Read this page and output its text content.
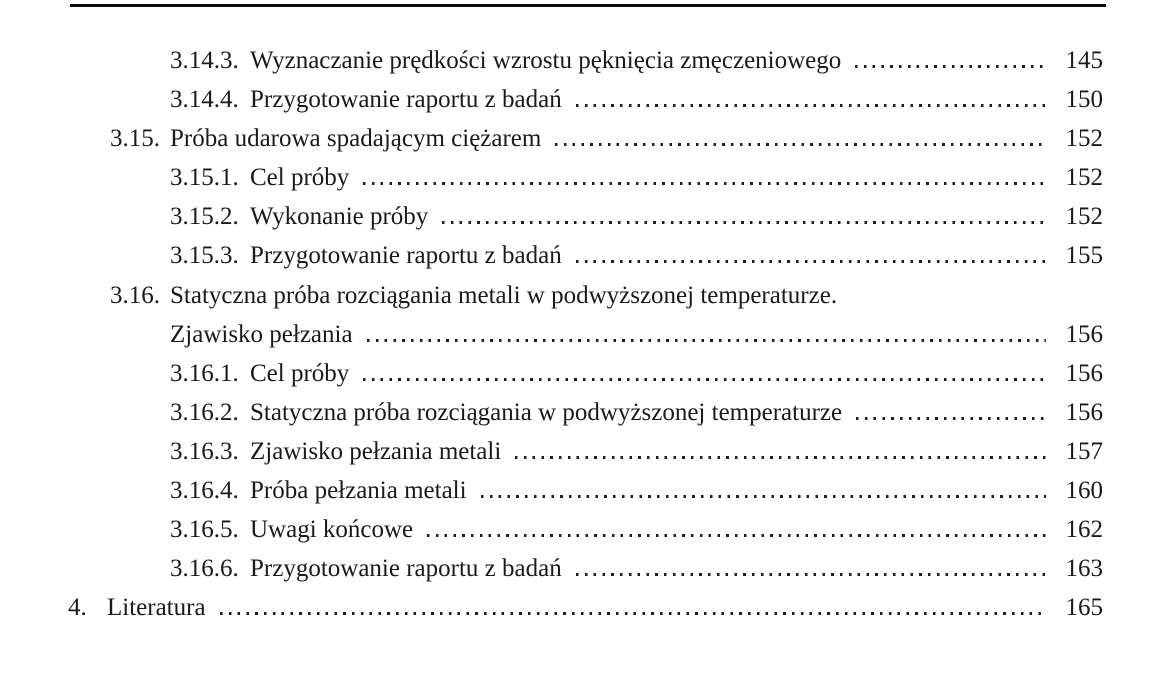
3.14.3. Wyznaczanie prędkości wzrostu pęknięcia zmęczeniowego	145
3.14.4. Przygotowanie raportu z badań	150
3.15. Próba udarowa spadającym ciężarem	152
3.15.1. Cel próby	152
3.15.2. Wykonanie próby	152
3.15.3. Przygotowanie raportu z badań	155
3.16. Statyczna próba rozciągania metali w podwyższonej temperaturze.
Zjawisko pełzania	156
3.16.1. Cel próby	156
3.16.2. Statyczna próba rozciągania w podwyższonej temperaturze	156
3.16.3. Zjawisko pełzania metali	157
3.16.4. Próba pełzania metali	160
3.16.5. Uwagi końcowe	162
3.16.6. Przygotowanie raportu z badań	163
4. Literatura	165
